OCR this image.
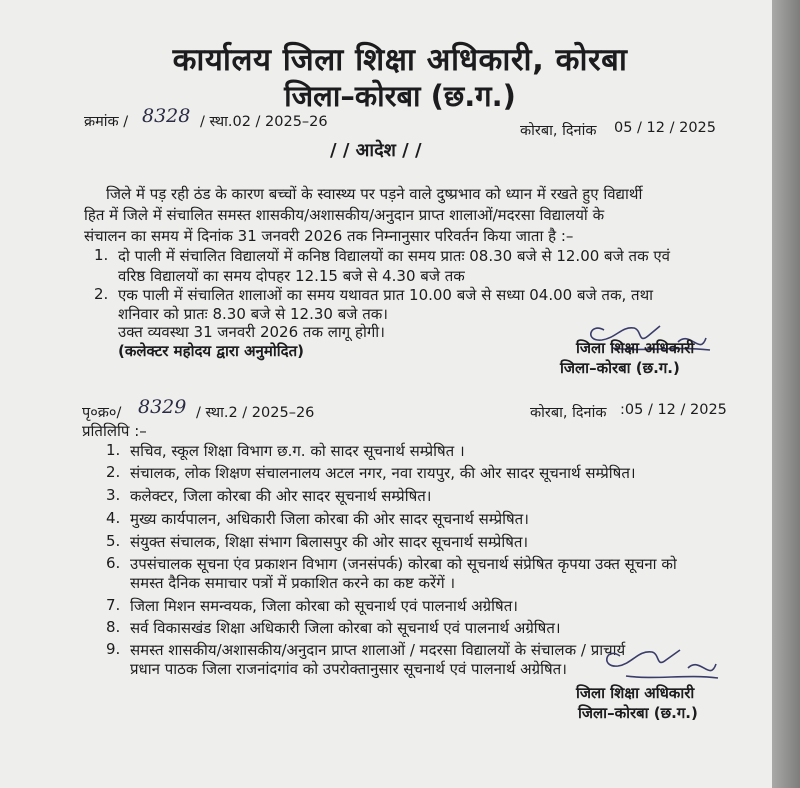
कार्यालय जिला शिक्षा अधिकारी, कोरबा
जिला–कोरबा (छ.ग.)
क्रमांक / 8328 / स्था.02 / 2025–26
कोरबा, दिनांक 05 / 12 / 2025
/ / आदेश / /
जिले में पड़ रही ठंड के कारण बच्चों के स्वास्थ्य पर पड़ने वाले दुष्प्रभाव को ध्यान में रखते हुए विद्यार्थी
हित में जिले में संचालित समस्त शासकीय/अशासकीय/अनुदान प्राप्त शालाओं/मदरसा विद्यालयों के
संचालन का समय में दिनांक 31 जनवरी 2026 तक निम्नानुसार परिवर्तन किया जाता है :–
1. दो पाली में संचालित विद्यालयों में कनिष्ठ विद्यालयों का समय प्रातः 08.30 बजे से 12.00 बजे तक एवं
वरिष्ठ विद्यालयों का समय दोपहर 12.15 बजे से 4.30 बजे तक
2. एक पाली में संचालित शालाओं का समय यथावत प्रात 10.00 बजे से सध्या 04.00 बजे तक, तथा
शनिवार को प्रातः 8.30 बजे से 12.30 बजे तक।
उक्त व्यवस्था 31 जनवरी 2026 तक लागू होगी।
(कलेक्टर महोदय द्वारा अनुमोदित)	जिला शिक्षा अधिकारी
जिला–कोरबा (छ.ग.)
पृ०क्र०/ 8329 / स्था.2 / 2025–26	कोरबा, दिनांक :05 / 12 / 2025
प्रतिलिपि :–
1. सचिव, स्कूल शिक्षा विभाग छ.ग. को सादर सूचनार्थ सम्प्रेषित ।
2. संचालक, लोक शिक्षण संचालनालय अटल नगर, नवा रायपुर, की ओर सादर सूचनार्थ सम्प्रेषित।
3. कलेक्टर, जिला कोरबा की ओर सादर सूचनार्थ सम्प्रेषित।
4. मुख्य कार्यपालन, अधिकारी जिला कोरबा की ओर सादर सूचनार्थ सम्प्रेषित।
5. संयुक्त संचालक, शिक्षा संभाग बिलासपुर की ओर सादर सूचनार्थ सम्प्रेषित।
6. उपसंचालक सूचना एंव प्रकाशन विभाग (जनसंपर्क) कोरबा को सूचनार्थ संप्रेषित कृपया उक्त सूचना को
समस्त दैनिक समाचार पत्रों में प्रकाशित करने का कष्ट करेंगें ।
7. जिला मिशन समन्वयक, जिला कोरबा को सूचनार्थ एवं पालनार्थ अग्रेषित।
8. सर्व विकासखंड शिक्षा अधिकारी जिला कोरबा को सूचनार्थ एवं पालनार्थ अग्रेषित।
9. समस्त शासकीय/अशासकीय/अनुदान प्राप्त शालाओं / मदरसा विद्यालयों के संचालक / प्राचार्य
प्रधान पाठक जिला राजनांदगांव को उपरोक्तानुसार सूचनार्थ एवं पालनार्थ अग्रेषित।
जिला शिक्षा अधिकारी
जिला–कोरबा (छ.ग.)
